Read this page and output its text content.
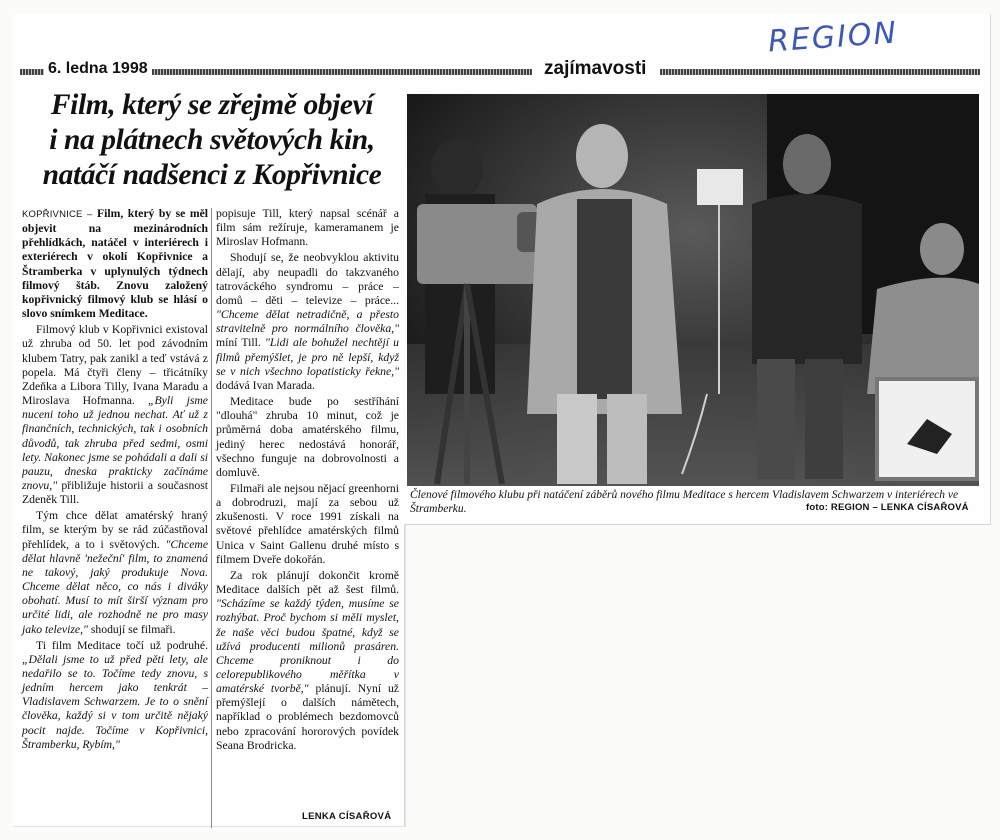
REGION
6. ledna 1998	zajímavosti
Film, který se zřejmě objeví
i na plátnech světových kin,
natáčí nadšenci z Kopřivnice

KOPŘIVNICE – Film, který by se měl objevit na mezinárodních přehlídkách, natáčel v interiérech i exteriérech v okolí Kopřivnice a Štramberka v uplynulých týdnech filmový štáb. Znovu založený kopřivnický filmový klub se hlásí o slovo snímkem Meditace.

Filmový klub v Kopřivnici existoval už zhruba od 50. let pod závodním klubem Tatry, pak zanikl a teď vstává z popela. Má čtyři členy – třicátníky Zdeňka a Libora Tilly, Ivana Maradu a Miroslava Hofmanna. „Byli jsme nuceni toho už jednou nechat. Ať už z finančních, technických, tak i osobních důvodů, tak zhruba před sedmi, osmi lety. Nakonec jsme se pohádali a dali si pauzu, dneska prakticky začínáme znovu," přibližuje historii a současnost Zdeněk Till.

Tým chce dělat amatérský hraný film, se kterým by se rád zúčastňoval přehlídek, a to i světových. "Chceme dělat hlavně 'nežeční' film, to znamená ne takový, jaký produkuje Nova. Chceme dělat něco, co nás i diváky obohatí. Musí to mít širší význam pro určité lidi, ale rozhodně ne pro masy jako televize," shodují se filmaři.

Ti film Meditace točí už podruhé. „Dělali jsme to už před pěti lety, ale nedařilo se to. Točíme tedy znovu, s jedním hercem jako tenkrát – Vladislavem Schwarzem. Je to o snění člověka, každý si v tom určitě nějaký pocit najde. Točíme v Kopřivnici, Štramberku, Rybím,"

popisuje Till, který napsal scénář a film sám režíruje, kameramanem je Miroslav Hofmann.

Shodují se, že neobvyklou aktivitu dělají, aby neupadli do takzvaného tatrováckého syndromu – práce – domů – děti – televize – práce... "Chceme dělat netradičně, a přesto stravitelně pro normálního člověka," míní Till. "Lidi ale bohužel nechtějí u filmů přemýšlet, je pro ně lepší, když se v nich všechno lopatisticky řekne," dodává Ivan Marada.

Meditace bude po sestříhání "dlouhá" zhruba 10 minut, což je průměrná doba amatérského filmu, jediný herec nedostává honorář, všechno funguje na dobrovolnosti a domluvě.

Filmaři ale nejsou nějací greenhorni a dobrodruzi, mají za sebou už zkušenosti. V roce 1991 získali na světové přehlídce amatérských filmů Unica v Saint Gallenu druhé místo s filmem Dveře dokořán.

Za rok plánují dokončit kromě Meditace dalších pět až šest filmů. "Scházíme se každý týden, musíme se rozhýbat. Proč bychom si měli myslet, že naše věci budou špatné, když se užívá producenti milionů prasáren. Chceme proniknout i do celorepublikového měřítka v amatérské tvorbě," plánují. Nyní už přemýšlejí o dalších námětech, například o problémech bezdomovců nebo zpracování hororových povídek Seana Brodricka.

LENKA CÍSAŘOVÁ
Členové filmového klubu při natáčení záběrů nového filmu Meditace s hercem Vladislavem Schwarzem v interiérech ve Štramberku.	foto: REGION – LENKA CÍSAŘOVÁ
